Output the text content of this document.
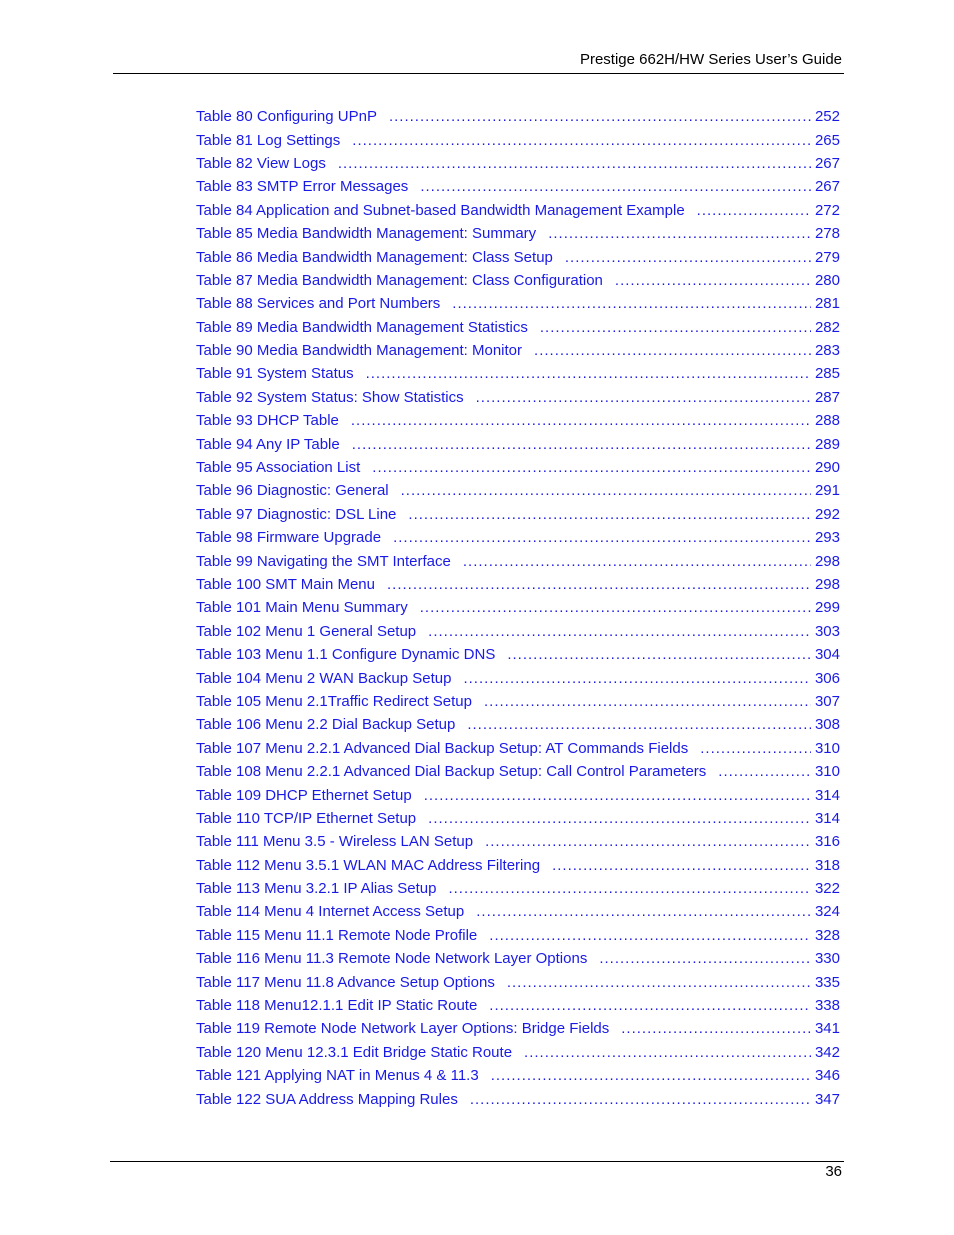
Prestige 662H/HW Series User’s Guide
Table 80 Configuring UPnP .....	252
Table 81 Log Settings .....	265
Table 82 View Logs .....	267
Table 83 SMTP Error Messages .....	267
Table 84 Application and Subnet-based Bandwidth Management Example .....	272
Table 85 Media Bandwidth Management: Summary .....	278
Table 86 Media Bandwidth Management: Class Setup .....	279
Table 87 Media Bandwidth Management: Class Configuration .....	280
Table 88 Services and Port Numbers .....	281
Table 89 Media Bandwidth Management Statistics .....	282
Table 90 Media Bandwidth Management: Monitor .....	283
Table 91 System Status .....	285
Table 92 System Status: Show Statistics .....	287
Table 93 DHCP Table .....	288
Table 94 Any IP Table .....	289
Table 95 Association List .....	290
Table 96 Diagnostic: General .....	291
Table 97 Diagnostic: DSL Line .....	292
Table 98 Firmware Upgrade .....	293
Table 99 Navigating the SMT Interface .....	298
Table 100 SMT Main Menu .....	298
Table 101 Main Menu Summary .....	299
Table 102 Menu 1 General Setup .....	303
Table 103 Menu 1.1 Configure Dynamic DNS .....	304
Table 104 Menu 2 WAN Backup Setup .....	306
Table 105 Menu 2.1Traffic Redirect Setup .....	307
Table 106 Menu 2.2 Dial Backup Setup .....	308
Table 107 Menu 2.2.1 Advanced Dial Backup Setup: AT Commands Fields .....	310
Table 108 Menu 2.2.1 Advanced Dial Backup Setup: Call Control Parameters .....	310
Table 109 DHCP Ethernet Setup .....	314
Table 110 TCP/IP Ethernet Setup .....	314
Table 111 Menu 3.5 - Wireless LAN Setup .....	316
Table 112 Menu 3.5.1 WLAN MAC Address Filtering .....	318
Table 113 Menu 3.2.1 IP Alias Setup .....	322
Table 114 Menu 4 Internet Access Setup .....	324
Table 115 Menu 11.1 Remote Node Profile .....	328
Table 116 Menu 11.3 Remote Node Network Layer Options .....	330
Table 117 Menu 11.8 Advance Setup Options .....	335
Table 118 Menu12.1.1 Edit IP Static Route .....	338
Table 119 Remote Node Network Layer Options: Bridge Fields .....	341
Table 120 Menu 12.3.1 Edit Bridge Static Route .....	342
Table 121 Applying NAT in Menus 4 & 11.3 .....	346
Table 122 SUA Address Mapping Rules .....	347
36
